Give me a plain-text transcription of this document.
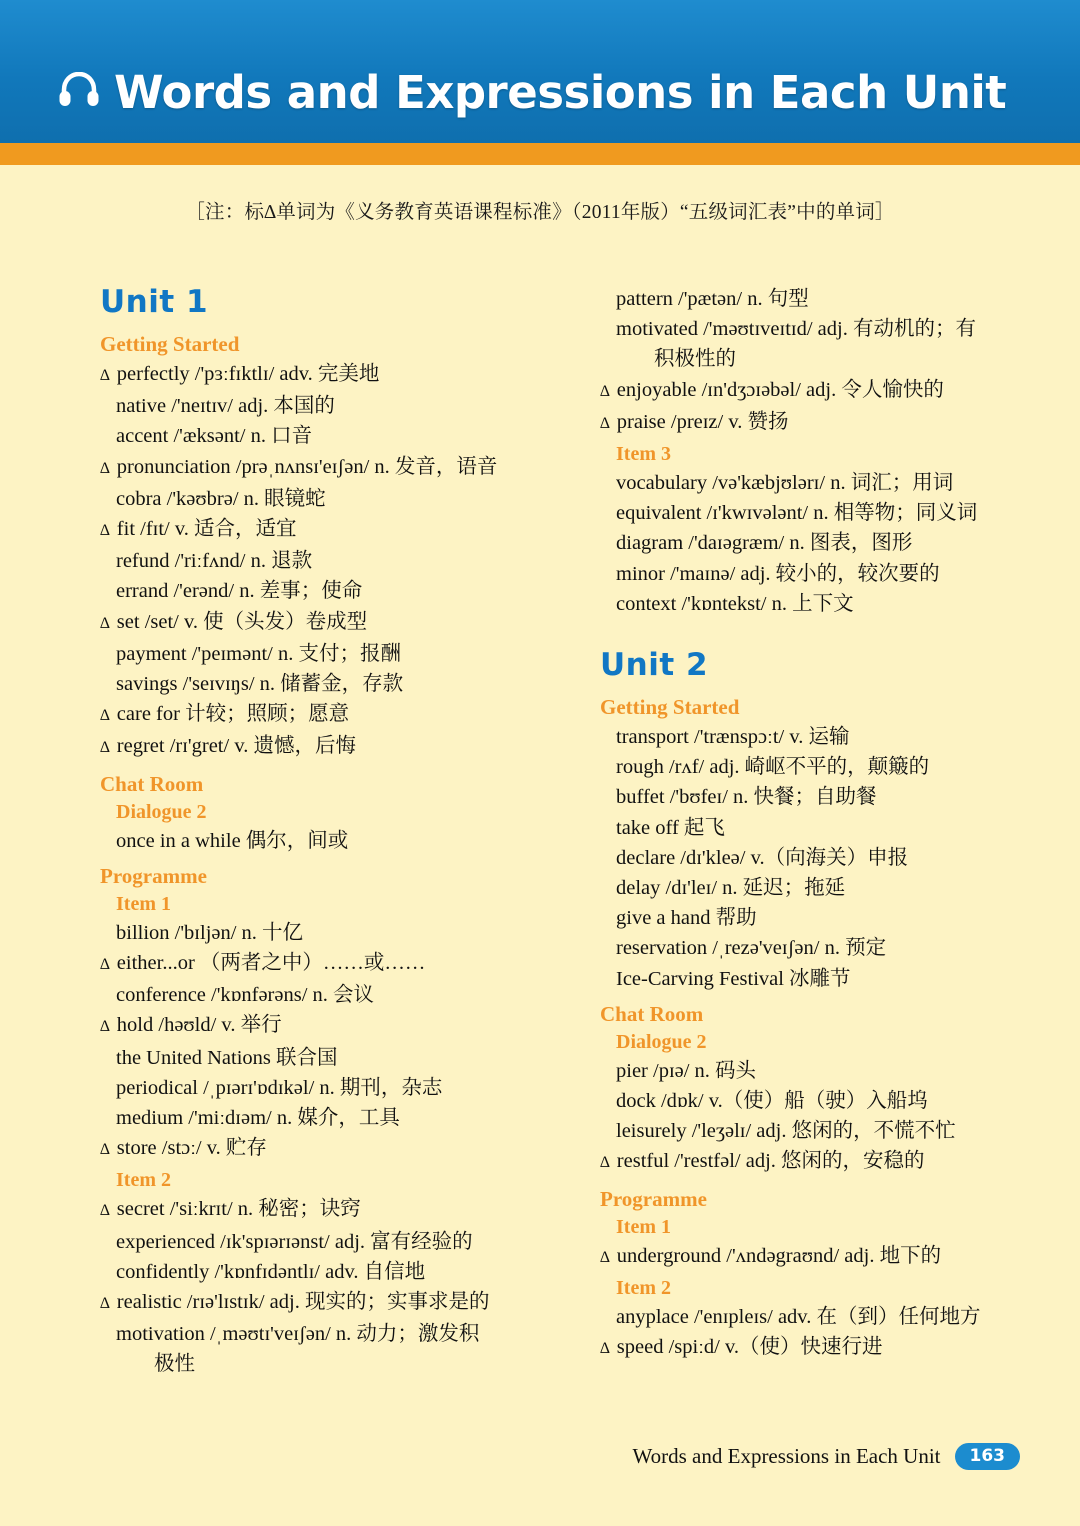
Words and Expressions in Each Unit
［注：标∆单词为《义务教育英语课程标准》（2011年版）“五级词汇表”中的单词］
Unit 1
Getting Started
∆ perfectly /'pɜːfɪktlɪ/ adv. 完美地
native /'neɪtɪv/ adj. 本国的
accent /'æksənt/ n. 口音
∆ pronunciation /prəˌnʌnsɪ'eɪʃən/ n. 发音，语音
cobra /'kəʊbrə/ n. 眼镜蛇
∆ fit /fɪt/ v. 适合，适宜
refund /'riːfʌnd/ n. 退款
errand /'erənd/ n. 差事；使命
∆ set /set/ v. 使（头发）卷成型
payment /'peɪmənt/ n. 支付；报酬
savings /'seɪvɪŋs/ n. 储蓄金，存款
∆ care for 计较；照顾；愿意
∆ regret /rɪ'gret/ v. 遗憾，后悔
Chat Room
Dialogue 2
once in a while 偶尔，间或
Programme
Item 1
billion /'bɪljən/ n. 十亿
∆ either...or （两者之中）……或……
conference /'kɒnfərəns/ n. 会议
∆ hold /həʊld/ v. 举行
the United Nations 联合国
periodical /ˌpɪərɪ'ɒdɪkəl/ n. 期刊，杂志
medium /'miːdɪəm/ n. 媒介，工具
∆ store /stɔː/ v. 贮存
Item 2
∆ secret /'siːkrɪt/ n. 秘密；诀窍
experienced /ɪk'spɪərɪənst/ adj. 富有经验的
confidently /'kɒnfɪdəntlɪ/ adv. 自信地
∆ realistic /rɪə'lɪstɪk/ adj. 现实的；实事求是的
motivation /ˌməʊtɪ'veɪʃən/ n. 动力；激发积
极性
pattern /'pætən/ n. 句型
motivated /'məʊtɪveɪtɪd/ adj. 有动机的；有
积极性的
∆ enjoyable /ɪn'dʒɔɪəbəl/ adj. 令人愉快的
∆ praise /preɪz/ v. 赞扬
Item 3
vocabulary /və'kæbjʊlərɪ/ n. 词汇；用词
equivalent /ɪ'kwɪvələnt/ n. 相等物；同义词
diagram /'daɪəgræm/ n. 图表，图形
minor /'maɪnə/ adj. 较小的，较次要的
context /'kɒntekst/ n. 上下文
Unit 2
Getting Started
transport /'trænspɔːt/ v. 运输
rough /rʌf/ adj. 崎岖不平的，颠簸的
buffet /'bʊfeɪ/ n. 快餐；自助餐
take off 起飞
declare /dɪ'kleə/ v.（向海关）申报
delay /dɪ'leɪ/ n. 延迟；拖延
give a hand 帮助
reservation /ˌrezə'veɪʃən/ n. 预定
Ice-Carving Festival 冰雕节
Chat Room
Dialogue 2
pier /pɪə/ n. 码头
dock /dɒk/ v.（使）船（驶）入船坞
leisurely /'leʒəlɪ/ adj. 悠闲的，不慌不忙
∆ restful /'restfəl/ adj. 悠闲的，安稳的
Programme
Item 1
∆ underground /'ʌndəgraʊnd/ adj. 地下的
Item 2
anyplace /'enɪpleɪs/ adv. 在（到）任何地方
∆ speed /spiːd/ v.（使）快速行进
Words and Expressions in Each Unit	163
